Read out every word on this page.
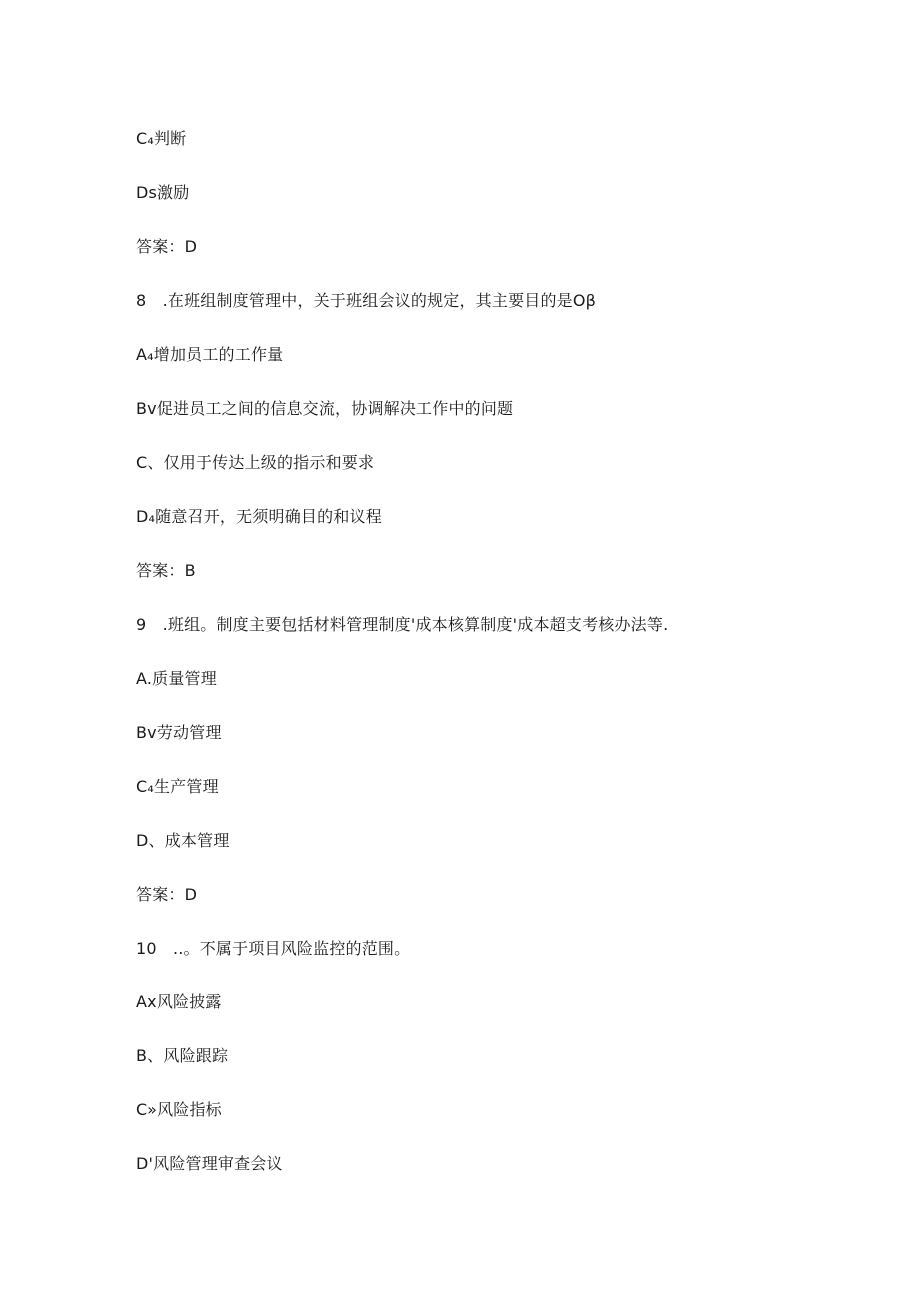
C₄判断
Ds激励
答案：D
8　.在班组制度管理中，关于班组会议的规定，其主要目的是Oβ
A₄增加员工的工作量
Bv促进员工之间的信息交流，协调解决工作中的问题
C、仅用于传达上级的指示和要求
D₄随意召开，无须明确目的和议程
答案：B
9　.班组。制度主要包括材料管理制度'成本核算制度'成本超支考核办法等.
A.质量管理
Bv劳动管理
C₄生产管理
D、成本管理
答案：D
10　..。不属于项目风险监控的范围。
Ax风险披露
B、风险跟踪
C»风险指标
D'风险管理审查会议
